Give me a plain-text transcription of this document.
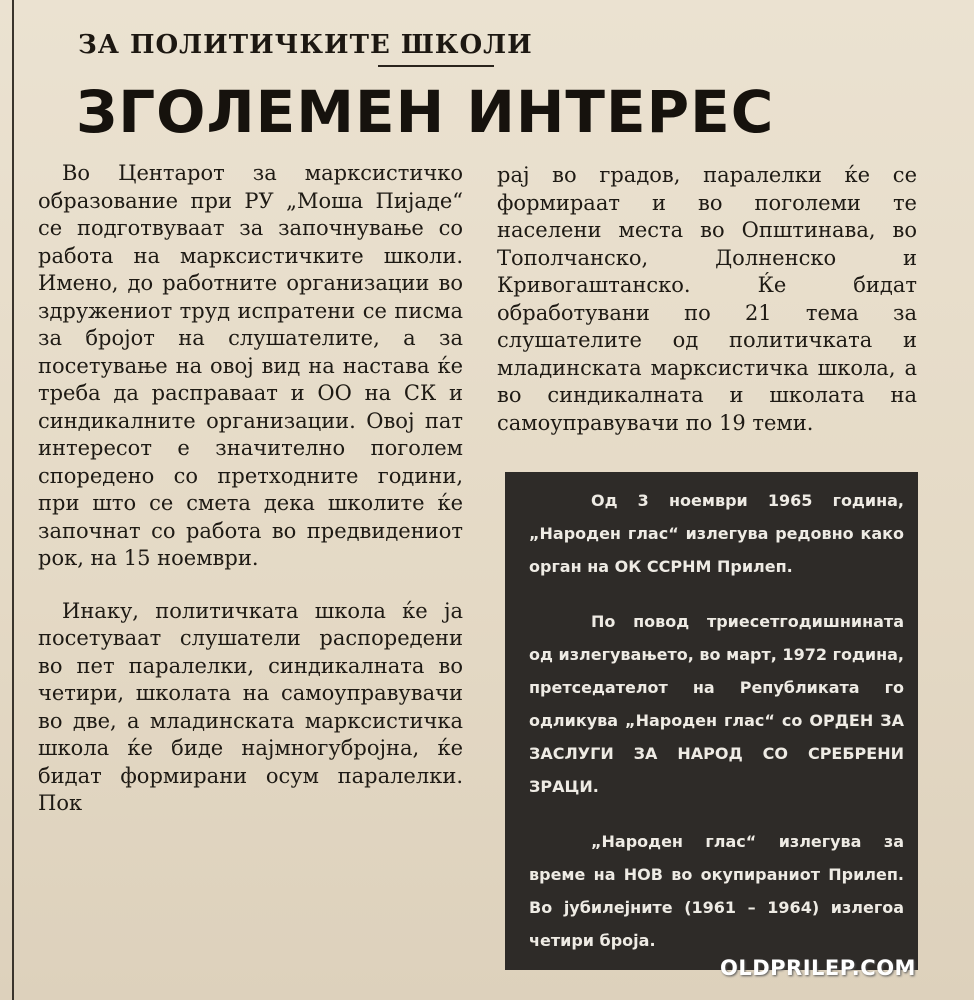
ЗА ПОЛИТИЧКИТЕ ШКОЛИ
ЗГОЛЕМЕН ИНТЕРЕС

Во Центарот за марксистичко образование при РУ „Моша Пијаде“ се подготвуваат за започнување со работа на марксистичките школи. Имено, до работните организации во здружениот труд испратени се писма за бројот на слушателите, а за посетување на овој вид на настава ќе треба да расправаат и ОО на СК и синдикалните организации. Овој пат интересот е значително поголем споредено со претходните години, при што се смета дека школите ќе започнат со работа во предвидениот рок, на 15 ноември.

Инаку, политичката школа ќе ја посетуваат слушатели распоредени во пет паралелки, синдикалната во четири, школата на самоуправувачи во две, а младинската марксистичка школа ќе биде најмногубројна, ќе бидат формирани осум паралелки. Пок

рај во градов, паралелки ќе се формираат и во поголеми те населени места во Општинава, во Тополчанско, Долненско и Кривогаштанско. Ќе бидат обработувани по 21 тема за слушателите од политичката и младинската марксистичка школа, а во синдикалната и школата на самоуправувачи по 19 теми.

Од 3 ноември 1965 година, „Народен глас“ излегува редовно како орган на ОК ССРНМ Прилеп.

По повод триесетгодишнината од излегувањето, во март, 1972 година, претседателот на Републиката го одликува „Народен глас“ со ОРДЕН ЗА ЗАСЛУГИ ЗА НАРОД СО СРЕБРЕНИ ЗРАЦИ.

„Народен глас“ излегува за време на НОВ во окупираниот Прилеп. Во јубилејните (1961 – 1964) излегоа четири броја.

OLDPRILEP.COM
